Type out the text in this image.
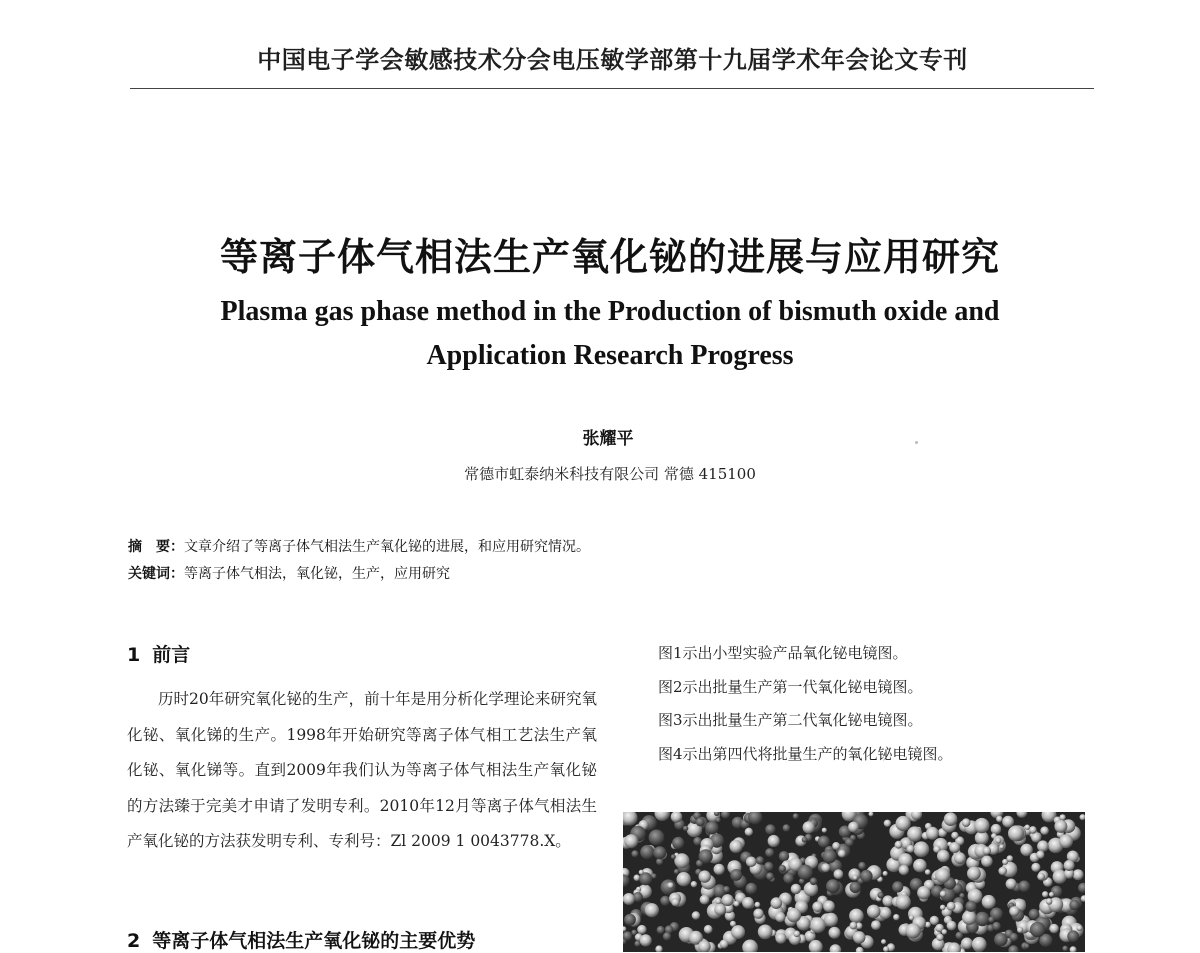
中国电子学会敏感技术分会电压敏学部第十九届学术年会论文专刊
等离子体气相法生产氧化铋的进展与应用研究
Plasma gas phase method in the Production of bismuth oxide and
Application Research Progress
张耀平
常德市虹泰纳米科技有限公司 常德 415100
摘　要：文章介绍了等离子体气相法生产氧化铋的进展，和应用研究情况。
关键词：等离子体气相法，氧化铋，生产，应用研究
1 前言
历时20年研究氧化铋的生产，前十年是用分析化学理论来研究氧化铋、氧化锑的生产。1998年开始研究等离子体气相工艺法生产氧化铋、氧化锑等。直到2009年我们认为等离子体气相法生产氧化铋的方法臻于完美才申请了发明专利。2010年12月等离子体气相法生产氧化铋的方法获发明专利、专利号：Zl 2009 1 0043778.X。
图1示出小型实验产品氧化铋电镜图。
图2示出批量生产第一代氧化铋电镜图。
图3示出批量生产第二代氧化铋电镜图。
图4示出第四代将批量生产的氧化铋电镜图。
2 等离子体气相法生产氧化铋的主要优势
